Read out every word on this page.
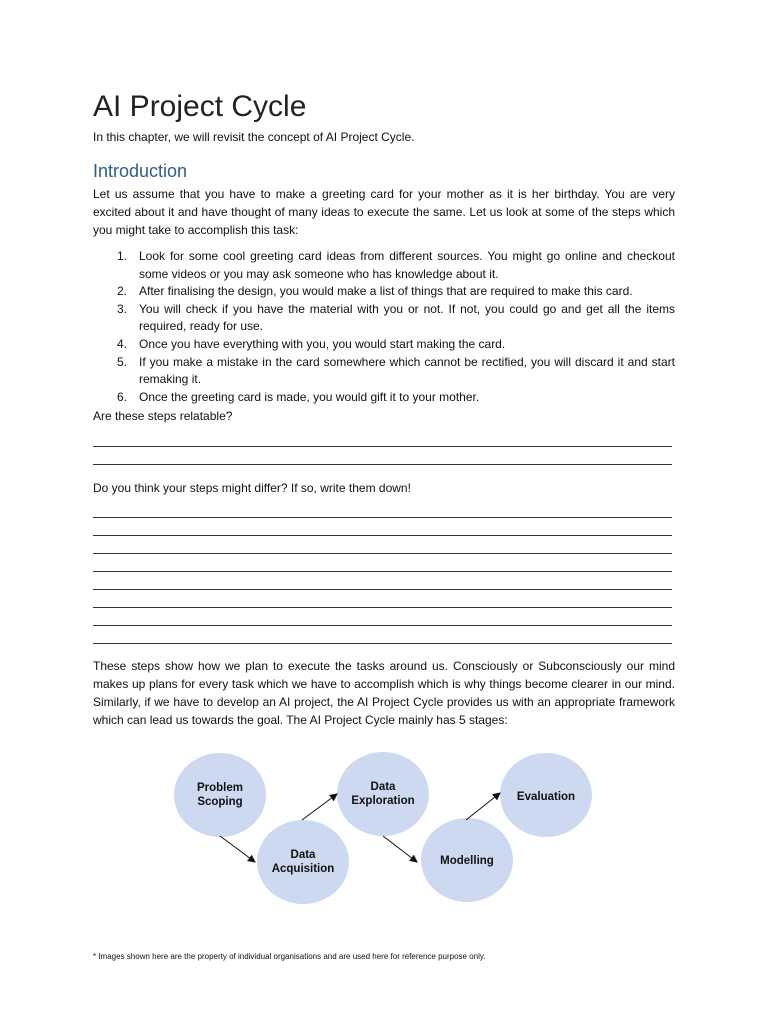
AI Project Cycle
In this chapter, we will revisit the concept of AI Project Cycle.
Introduction

Let us assume that you have to make a greeting card for your mother as it is her birthday. You are very excited about it and have thought of many ideas to execute the same. Let us look at some of the steps which you might take to accomplish this task:

1.	Look for some cool greeting card ideas from different sources. You might go online and checkout some videos or you may ask someone who has knowledge about it.
2.	After finalising the design, you would make a list of things that are required to make this card.
3.	You will check if you have the material with you or not. If not, you could go and get all the items required, ready for use.
4.	Once you have everything with you, you would start making the card.
5.	If you make a mistake in the card somewhere which cannot be rectified, you will discard it and start remaking it.
6.	Once the greeting card is made, you would gift it to your mother.
Are these steps relatable?
Do you think your steps might differ? If so, write them down!

These steps show how we plan to execute the tasks around us. Consciously or Subconsciously our mind makes up plans for every task which we have to accomplish which is why things become clearer in our mind. Similarly, if we have to develop an AI project, the AI Project Cycle provides us with an appropriate framework which can lead us towards the goal. The AI Project Cycle mainly has 5 stages:

Problem
Scoping
Data
Acquisition
Data
Exploration
Modelling
Evaluation
* Images shown here are the property of individual organisations and are used here for reference purpose only.
